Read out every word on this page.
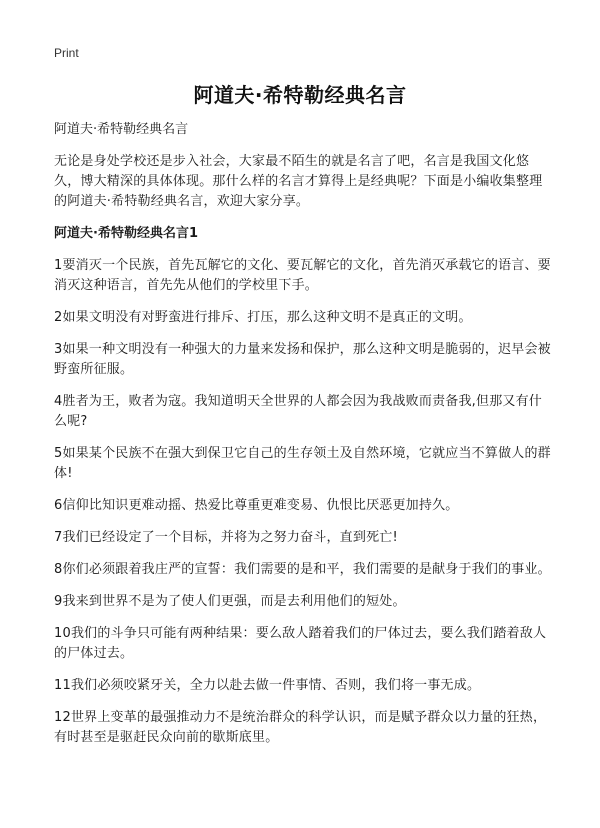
Print
阿道夫·希特勒经典名言

阿道夫·希特勒经典名言

无论是身处学校还是步入社会，大家最不陌生的就是名言了吧，名言是我国文化悠久，博大精深的具体体现。那什么样的名言才算得上是经典呢？下面是小编收集整理的阿道夫·希特勒经典名言，欢迎大家分享。

阿道夫·希特勒经典名言1

1要消灭一个民族，首先瓦解它的文化、要瓦解它的文化，首先消灭承载它的语言、要消灭这种语言，首先先从他们的学校里下手。

2如果文明没有对野蛮进行排斥、打压，那么这种文明不是真正的文明。

3如果一种文明没有一种强大的力量来发扬和保护，那么这种文明是脆弱的，迟早会被野蛮所征服。

4胜者为王，败者为寇。我知道明天全世界的人都会因为我战败而责备我,但那又有什么呢?

5如果某个民族不在强大到保卫它自己的生存领土及自然环境，它就应当不算做人的群体!

6信仰比知识更难动摇、热爱比尊重更难变易、仇恨比厌恶更加持久。

7我们已经设定了一个目标，并将为之努力奋斗，直到死亡!

8你们必须跟着我庄严的宣誓：我们需要的是和平，我们需要的是献身于我们的事业。

9我来到世界不是为了使人们更强，而是去利用他们的短处。

10我们的斗争只可能有两种结果：要么敌人踏着我们的尸体过去，要么我们踏着敌人的尸体过去。

11我们必须咬紧牙关，全力以赴去做一件事情、否则，我们将一事无成。

12世界上变革的最强推动力不是统治群众的科学认识，而是赋予群众以力量的狂热，有时甚至是驱赶民众向前的歇斯底里。
